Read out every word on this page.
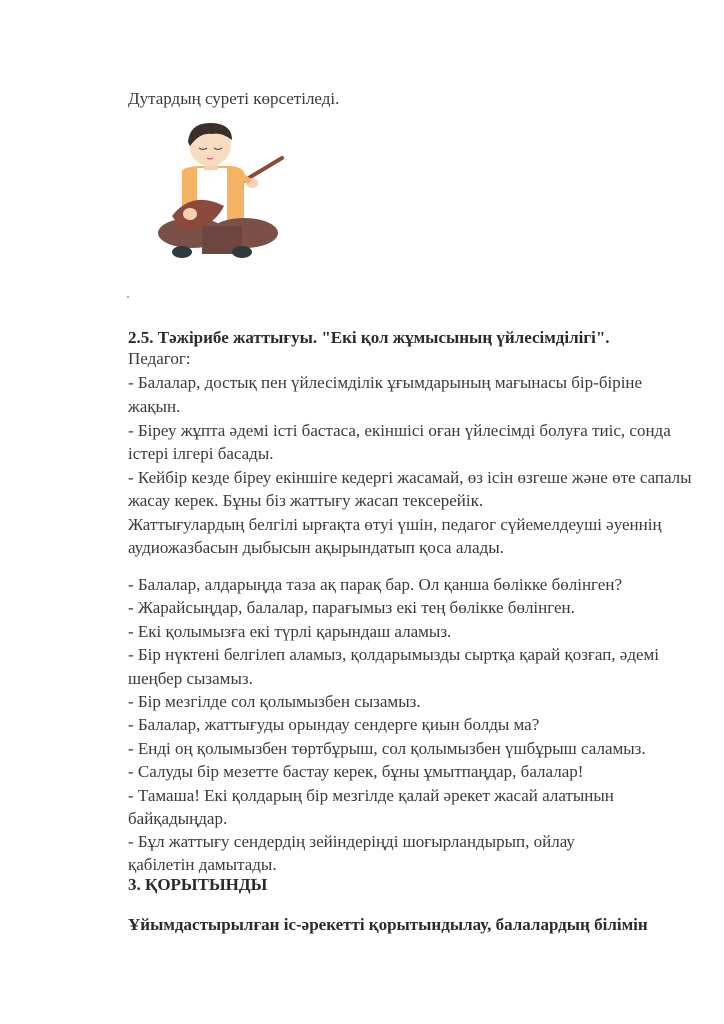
Дутардың суреті көрсетіледі.
2.5. Тәжірибе жаттығуы. "Екі қол жұмысының үйлесімділігі".
Педагог:
- Балалар, достық пен үйлесімділік ұғымдарының мағынасы бір-біріне
жақын.
- Біреу жұпта әдемі істі бастаса, екіншісі оған үйлесімді болуға тиіс, сонда
істері ілгері басады.
- Кейбір кезде біреу екіншіге кедергі жасамай, өз ісін өзгеше және өте сапалы
жасау керек. Бұны біз жаттығу жасап тексерейік.
Жаттығулардың белгілі ырғақта өтуі үшін, педагог сүйемелдеуші әуеннің
аудиожазбасын дыбысын ақырындатып қоса алады.
- Балалар, алдарыңда таза ақ парақ бар. Ол қанша бөлікке бөлінген?
- Жарайсыңдар, балалар, парағымыз екі тең бөлікке бөлінген.
- Екі қолымызға екі түрлі қарындаш аламыз.
- Бір нүктені белгілеп аламыз, қолдарымызды сыртқа қарай қозғап, әдемі
шеңбер сызамыз.
- Бір мезгілде сол қолымызбен сызамыз.
- Балалар, жаттығуды орындау сендерге қиын болды ма?
- Енді оң қолымызбен төртбұрыш, сол қолымызбен үшбұрыш саламыз.
- Салуды бір мезетте бастау керек, бұны ұмытпаңдар, балалар!
- Тамаша! Екі қолдарың бір мезгілде қалай әрекет жасай алатынын
байқадыңдар.
- Бұл жаттығу сендердің зейіндеріңді шоғырландырып, ойлау
қабілетін дамытады.
3. ҚОРЫТЫНДЫ
Ұйымдастырылған іс-әрекетті қорытындылау, балалардың білімін
